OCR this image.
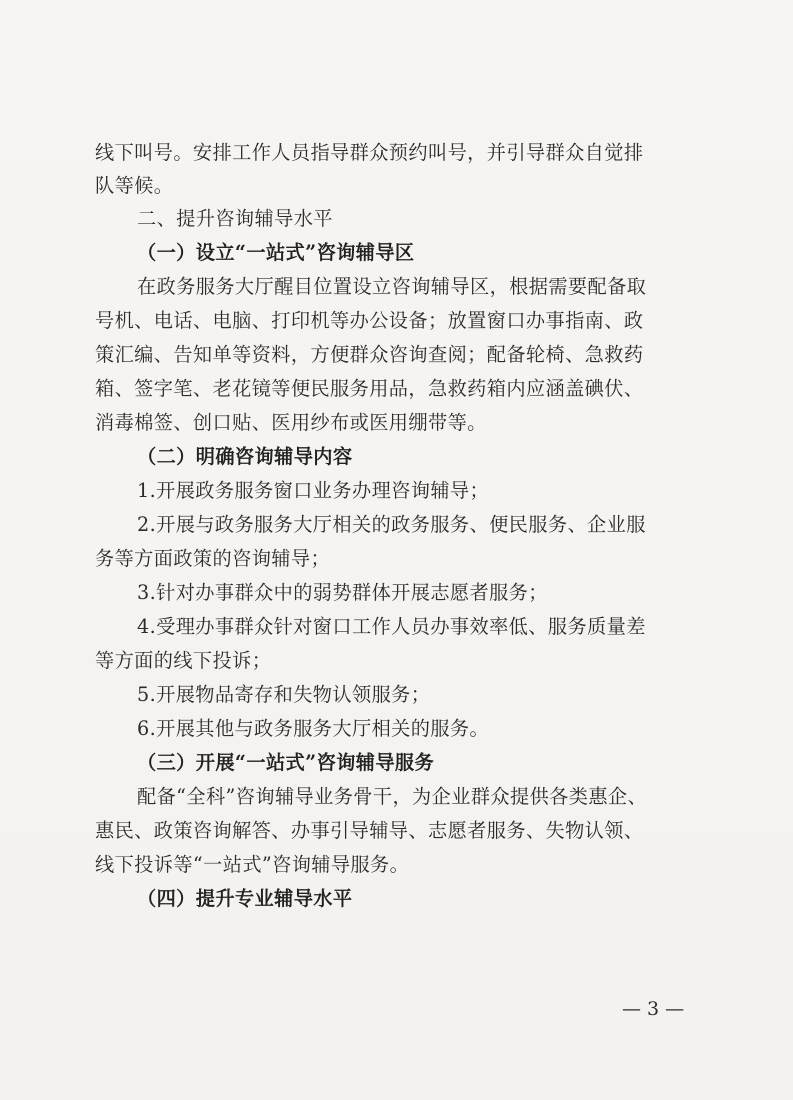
线下叫号。安排工作人员指导群众预约叫号，并引导群众自觉排
队等候。
二、提升咨询辅导水平
（一）设立“一站式”咨询辅导区
在政务服务大厅醒目位置设立咨询辅导区，根据需要配备取
号机、电话、电脑、打印机等办公设备；放置窗口办事指南、政
策汇编、告知单等资料，方便群众咨询查阅；配备轮椅、急救药
箱、签字笔、老花镜等便民服务用品，急救药箱内应涵盖碘伏、
消毒棉签、创口贴、医用纱布或医用绷带等。
（二）明确咨询辅导内容
1.开展政务服务窗口业务办理咨询辅导；
2.开展与政务服务大厅相关的政务服务、便民服务、企业服
务等方面政策的咨询辅导；
3.针对办事群众中的弱势群体开展志愿者服务；
4.受理办事群众针对窗口工作人员办事效率低、服务质量差
等方面的线下投诉；
5.开展物品寄存和失物认领服务；
6.开展其他与政务服务大厅相关的服务。
（三）开展“一站式”咨询辅导服务
配备“全科”咨询辅导业务骨干，为企业群众提供各类惠企、
惠民、政策咨询解答、办事引导辅导、志愿者服务、失物认领、
线下投诉等“一站式”咨询辅导服务。
（四）提升专业辅导水平
— 3 —
